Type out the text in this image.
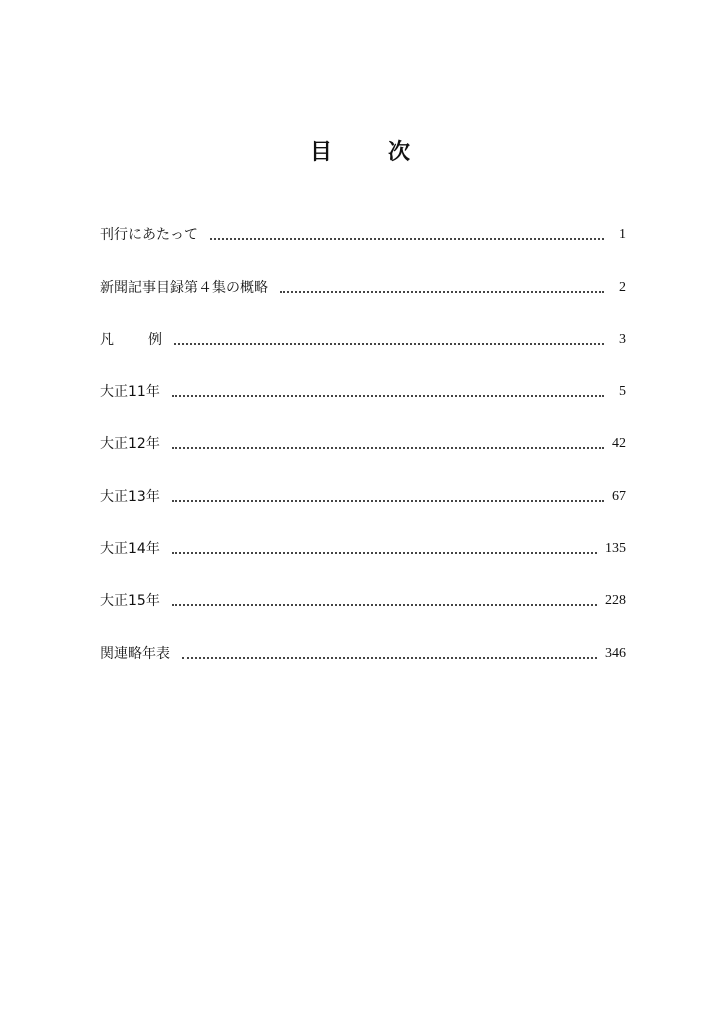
目	次
刊行にあたって	1
新聞記事目録第４集の概略	2
凡 例	3
大正11年	5
大正12年	42
大正13年	67
大正14年	135
大正15年	228
関連略年表	346
